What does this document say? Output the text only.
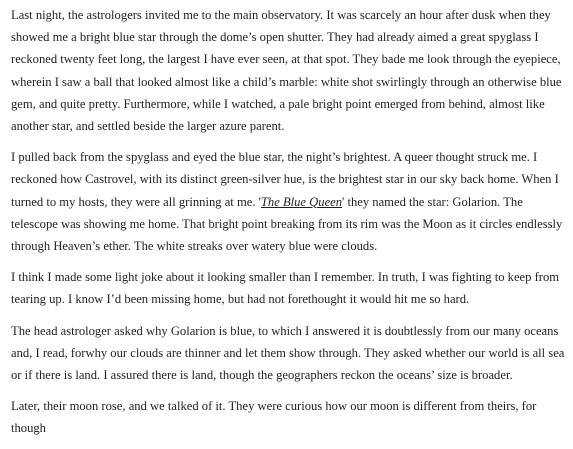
Last night, the astrologers invited me to the main observatory. It was scarcely an hour after dusk when they showed me a bright blue star through the dome’s open shutter. They had already aimed a great spyglass I reckoned twenty feet long, the largest I have ever seen, at that spot. They bade me look through the eyepiece, wherein I saw a ball that looked almost like a child’s marble: white shot swirlingly through an otherwise blue gem, and quite pretty. Furthermore, while I watched, a pale bright point emerged from behind, almost like another star, and settled beside the larger azure parent.

I pulled back from the spyglass and eyed the blue star, the night’s brightest. A queer thought struck me. I reckoned how Castrovel, with its distinct green-silver hue, is the brightest star in our sky back home. When I turned to my hosts, they were all grinning at me. 'The Blue Queen' they named the star: Golarion. The telescope was showing me home. That bright point breaking from its rim was the Moon as it circles endlessly through Heaven’s ether. The white streaks over watery blue were clouds.

I think I made some light joke about it looking smaller than I remember. In truth, I was fighting to keep from tearing up. I know I’d been missing home, but had not forethought it would hit me so hard.

The head astrologer asked why Golarion is blue, to which I answered it is doubtlessly from our many oceans and, I read, forwhy our clouds are thinner and let them show through. They asked whether our world is all sea or if there is land. I assured there is land, though the geographers reckon the oceans’ size is broader.

Later, their moon rose, and we talked of it. They were curious how our moon is different from theirs, for though
